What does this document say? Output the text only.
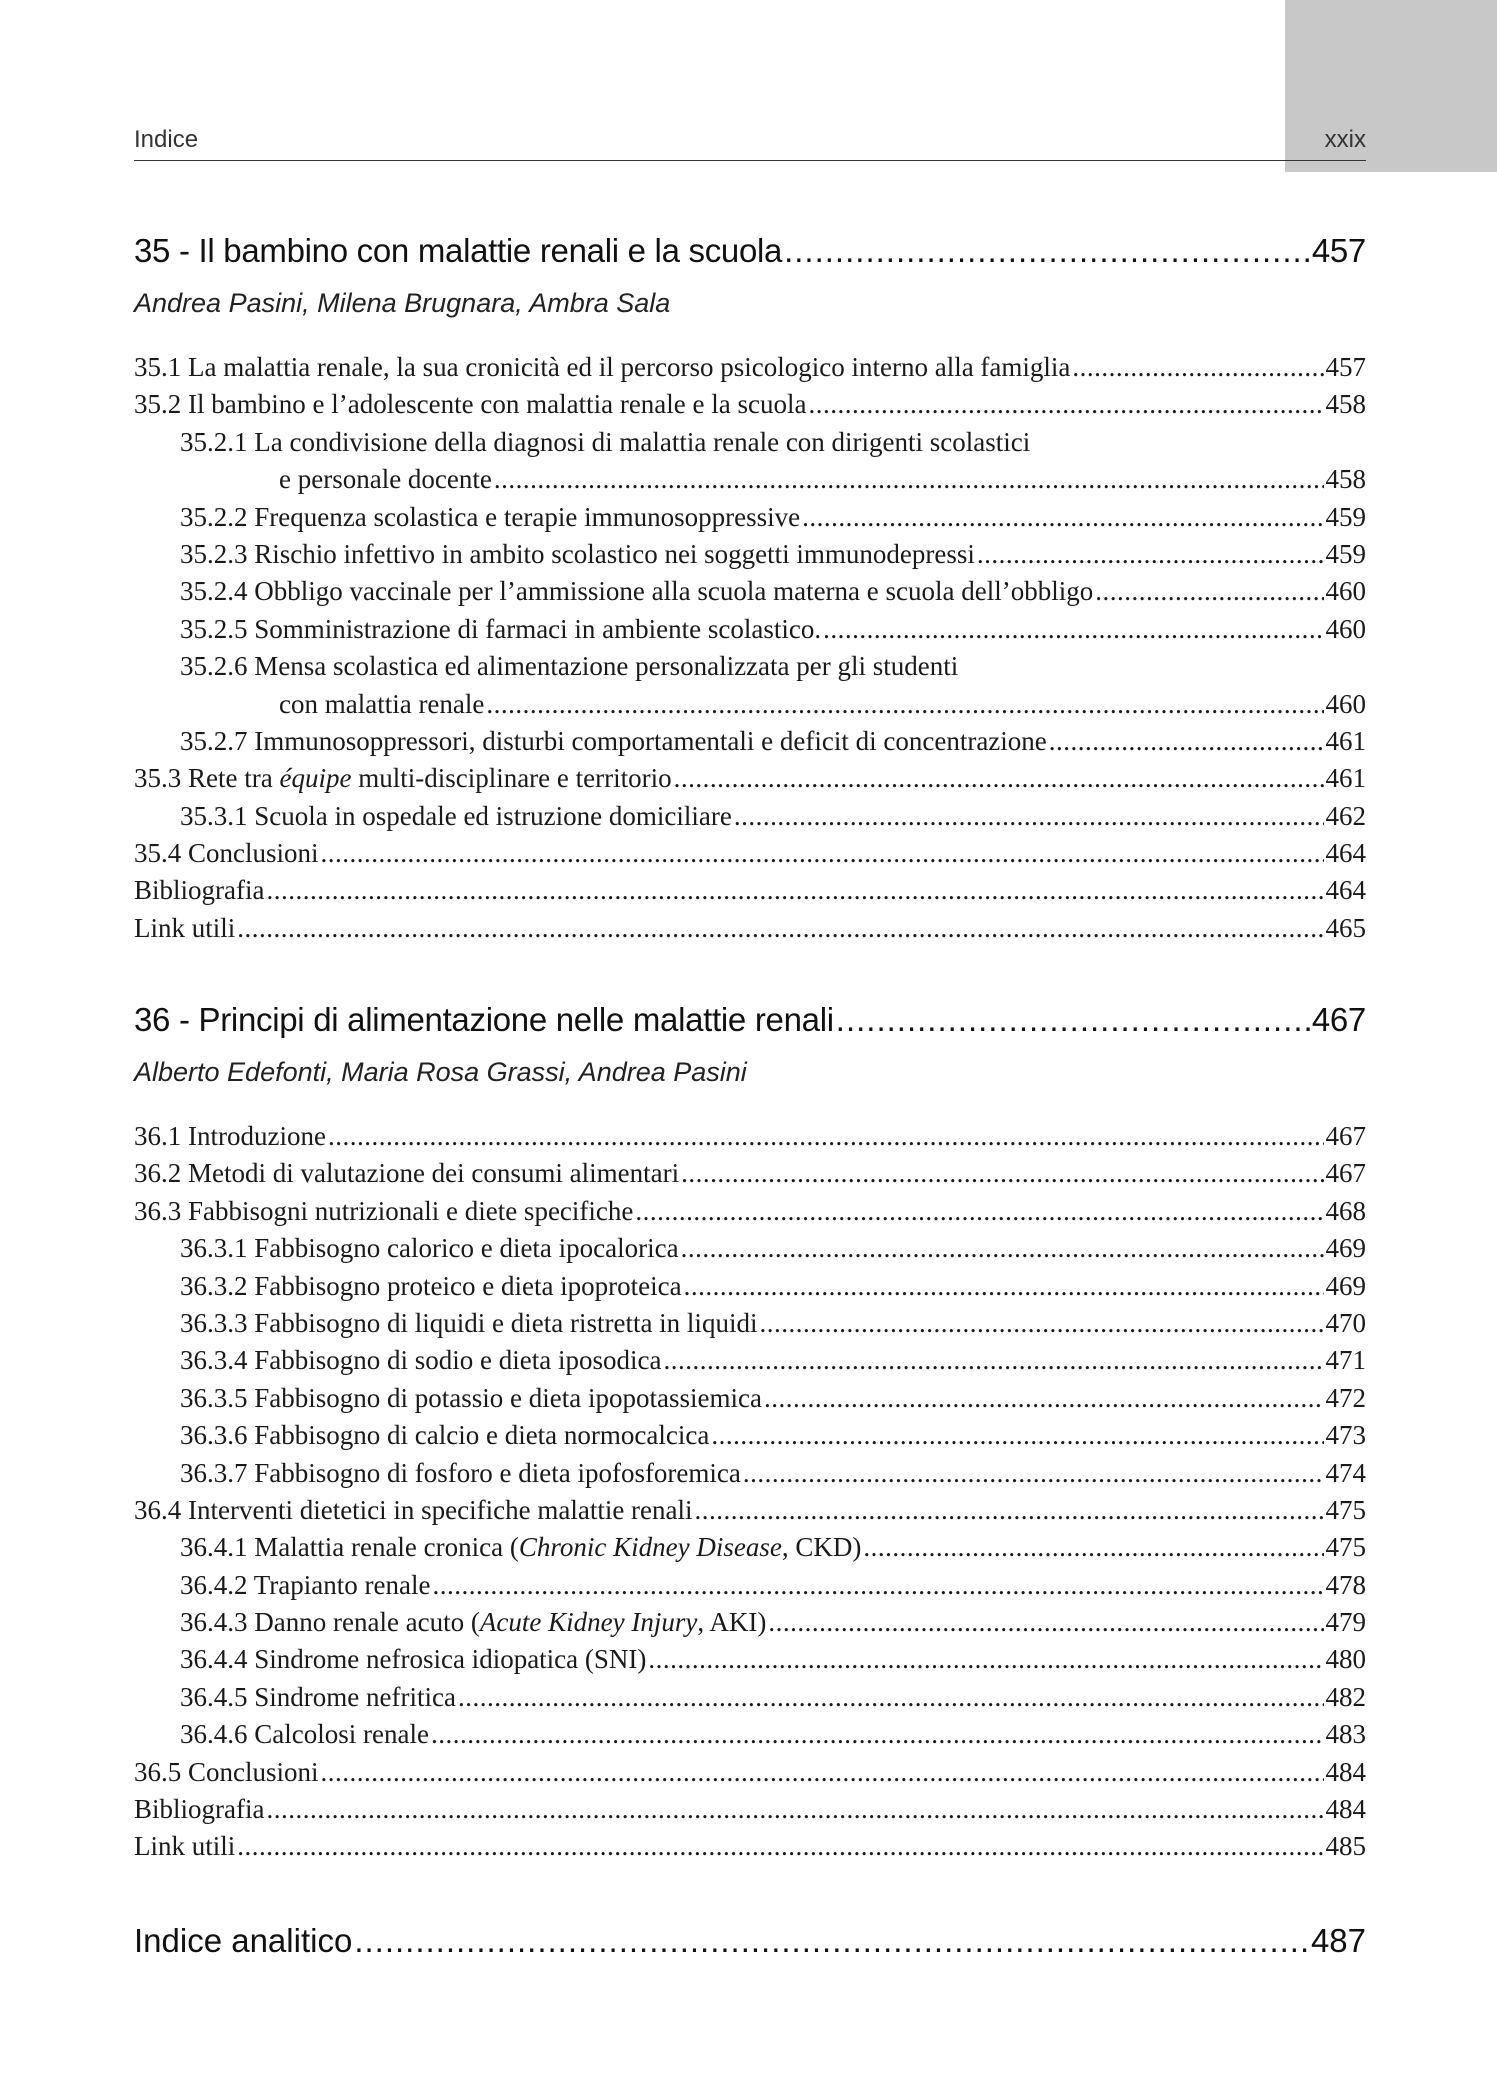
Indice	xxix
35 - Il bambino con malattie renali e la scuola .....	457
Andrea Pasini, Milena Brugnara, Ambra Sala
35.1 La malattia renale, la sua cronicità ed il percorso psicologico interno alla famiglia .....	457
35.2 Il bambino e l’adolescente con malattia renale e la scuola .....	458
35.2.1 La condivisione della diagnosi di malattia renale con dirigenti scolastici
e personale docente .....	458
35.2.2 Frequenza scolastica e terapie immunosoppressive .....	459
35.2.3 Rischio infettivo in ambito scolastico nei soggetti immunodepressi .....	459
35.2.4 Obbligo vaccinale per l’ammissione alla scuola materna e scuola dell’obbligo .....	460
35.2.5 Somministrazione di farmaci in ambiente scolastico. .....	460
35.2.6 Mensa scolastica ed alimentazione personalizzata per gli studenti
con malattia renale .....	460
35.2.7 Immunosoppressori, disturbi comportamentali e deficit di concentrazione .....	461
35.3 Rete tra équipe multi-disciplinare e territorio .....	461
35.3.1 Scuola in ospedale ed istruzione domiciliare .....	462
35.4 Conclusioni .....	464
Bibliografia .....	464
Link utili .....	465
36 - Principi di alimentazione nelle malattie renali .....	467
Alberto Edefonti, Maria Rosa Grassi, Andrea Pasini
36.1 Introduzione .....	467
36.2 Metodi di valutazione dei consumi alimentari .....	467
36.3 Fabbisogni nutrizionali e diete specifiche .....	468
36.3.1 Fabbisogno calorico e dieta ipocalorica .....	469
36.3.2 Fabbisogno proteico e dieta ipoproteica .....	469
36.3.3 Fabbisogno di liquidi e dieta ristretta in liquidi .....	470
36.3.4 Fabbisogno di sodio e dieta iposodica .....	471
36.3.5 Fabbisogno di potassio e dieta ipopotassiemica .....	472
36.3.6 Fabbisogno di calcio e dieta normocalcica .....	473
36.3.7 Fabbisogno di fosforo e dieta ipofosforemica .....	474
36.4 Interventi dietetici in specifiche malattie renali .....	475
36.4.1 Malattia renale cronica (Chronic Kidney Disease, CKD) .....	475
36.4.2 Trapianto renale .....	478
36.4.3 Danno renale acuto (Acute Kidney Injury, AKI) .....	479
36.4.4 Sindrome nefrosica idiopatica (SNI) .....	480
36.4.5 Sindrome nefritica .....	482
36.4.6 Calcolosi renale .....	483
36.5 Conclusioni .....	484
Bibliografia .....	484
Link utili .....	485
Indice analitico .....	487
